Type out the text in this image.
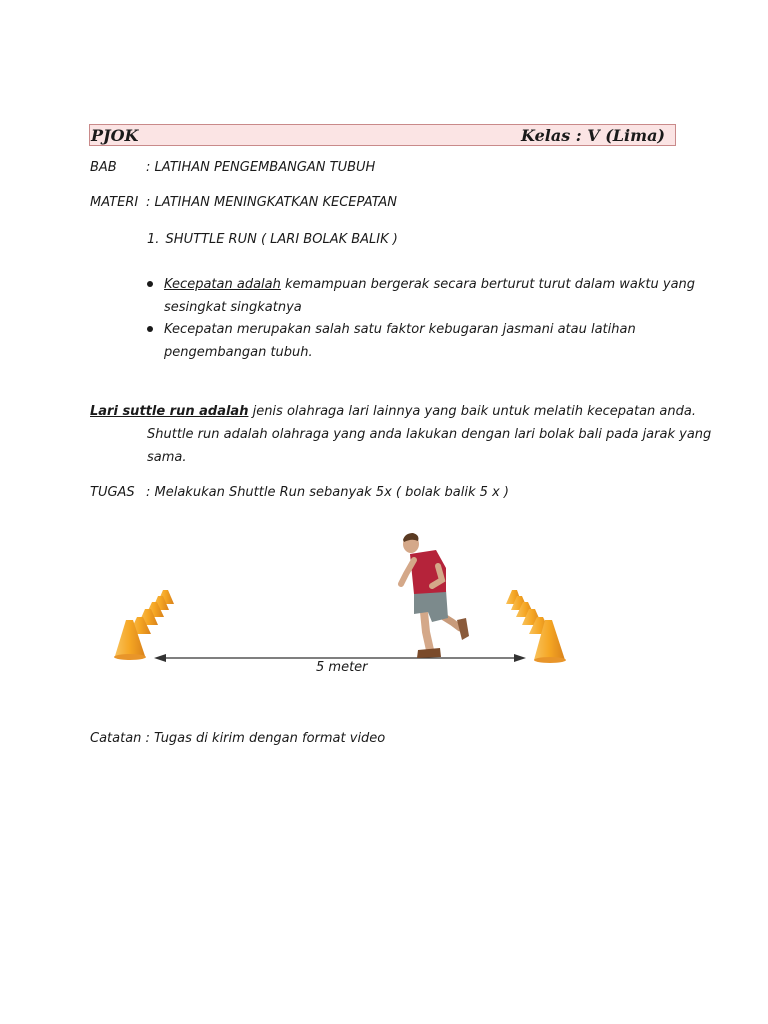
PJOK	Kelas : V (Lima)
BAB : LATIHAN PENGEMBANGAN TUBUH
MATERI : LATIHAN MENINGKATKAN KECEPATAN
1. SHUTTLE RUN ( LARI BOLAK BALIK )
Kecepatan adalah kemampuan bergerak secara berturut turut dalam waktu yang
sesingkat singkatnya
Kecepatan merupakan salah satu faktor kebugaran jasmani atau latihan
pengembangan tubuh.
Lari suttle run adalah jenis olahraga lari lainnya yang baik untuk melatih kecepatan anda.
Shuttle run adalah olahraga yang anda lakukan dengan lari bolak bali pada jarak yang
sama.
TUGAS : Melakukan Shuttle Run sebanyak 5x ( bolak balik 5 x )
5 meter
Catatan : Tugas di kirim dengan format video
